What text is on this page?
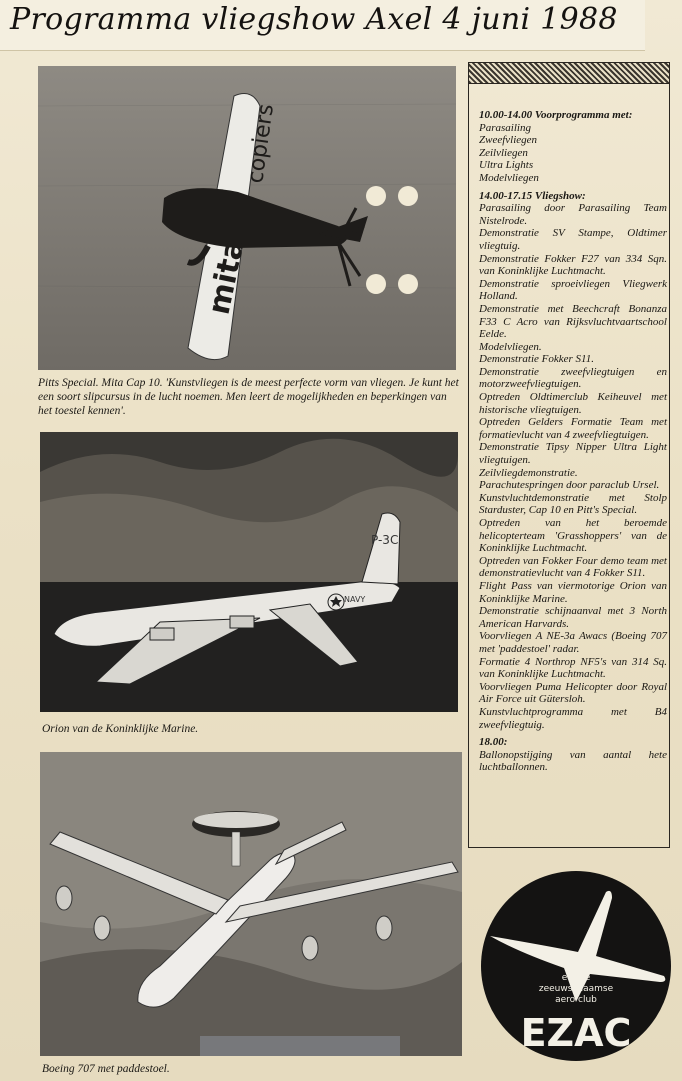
Programma vliegshow Axel 4 juni 1988
mita
copiers
Pitts Special. Mita Cap 10. 'Kunstvliegen is de meest perfecte vorm van vliegen. Je kunt het een soort slipcursus in de lucht noemen. Men leert de mogelijkheden en beperkingen van het toestel kennen'.
P-3C
NAVY
Orion van de Koninklijke Marine.
Boeing 707 met paddestoel.
10.00-14.00 Voorprogramma met:
Parasailing
Zweefvliegen
Zeilvliegen
Ultra Lights
Modelvliegen
14.00-17.15 Vliegshow:
Parasailing door Parasailing Team Nistelrode.
Demonstratie SV Stampe, Oldtimer vliegtuig.
Demonstratie Fokker F27 van 334 Sqn. van Koninklijke Luchtmacht.
Demonstratie sproeivliegen Vliegwerk Holland.
Demonstratie met Beechcraft Bonanza F33 C Acro van Rijksvluchtvaartschool Eelde.
Modelvliegen.
Demonstratie Fokker S11.
Demonstratie zweefvliegtuigen en motorzweefvliegtuigen.
Optreden Oldtimerclub Keiheuvel met historische vliegtuigen.
Optreden Gelders Formatie Team met formatievlucht van 4 zweefvliegtuigen.
Demonstratie Tipsy Nipper Ultra Light vliegtuigen.
Zeilvliegdemonstratie.
Parachutespringen door paraclub Ursel.
Kunstvluchtdemonstratie met Stolp Starduster, Cap 10 en Pitt's Special.
Optreden van het beroemde helicopterteam 'Grasshoppers' van de Koninklijke Luchtmacht.
Optreden van Fokker Four demo team met demonstratievlucht van 4 Fokker S11.
Flight Pass van viermotorige Orion van Koninklijke Marine.
Demonstratie schijnaanval met 3 North American Harvards.
Voorvliegen A NE-3a Awacs (Boeing 707 met 'paddestoel' radar.
Formatie 4 Northrop NF5's van 314 Sq. van Koninklijke Luchtmacht.
Voorvliegen Puma Helicopter door Royal Air Force uit Gütersloh.
Kunstvluchtprogramma met B4 zweefvliegtuig.
18.00:
Ballonopstijging van aantal hete luchtballonnen.
eerste
zeeuws vlaamse
aero club
EZAC
